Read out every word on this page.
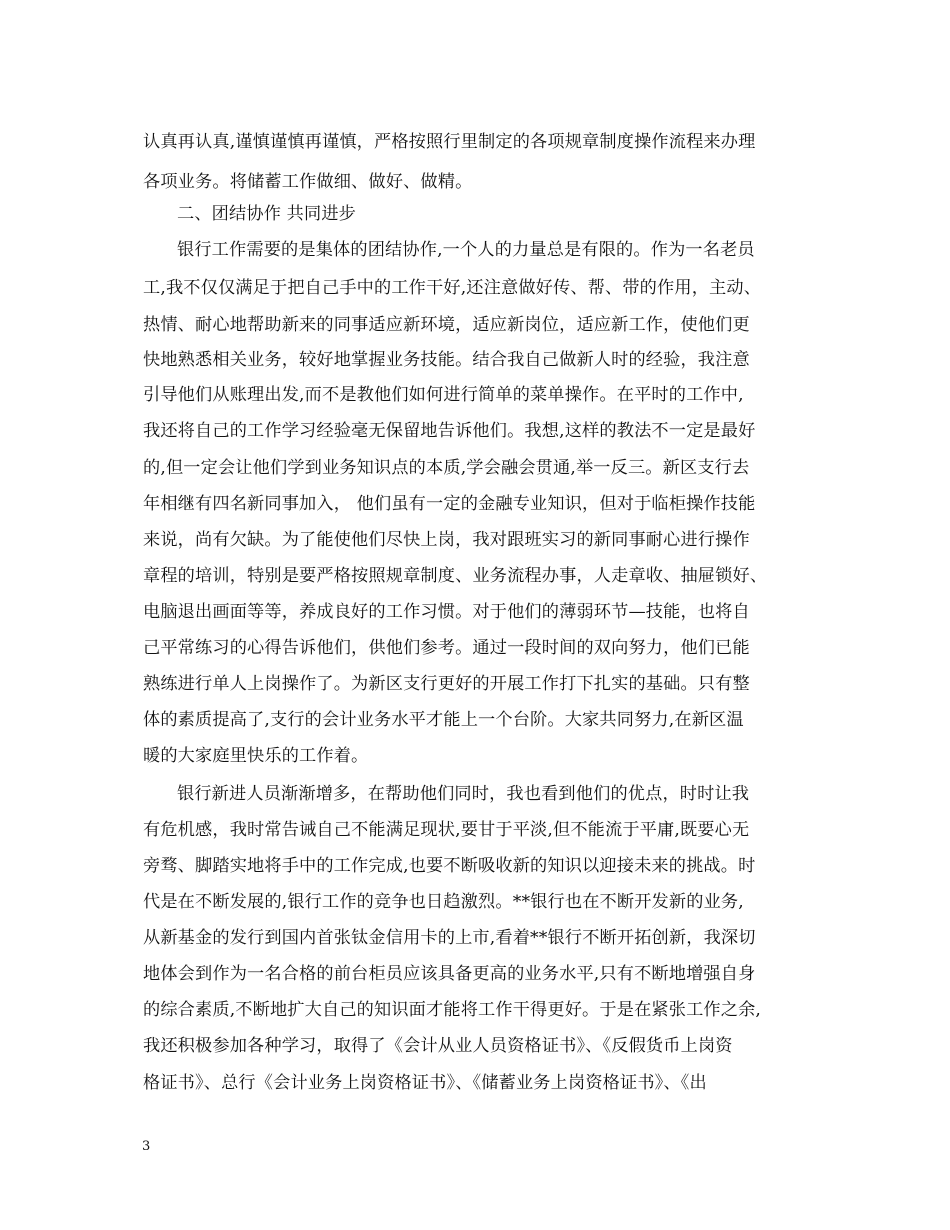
认真再认真,谨慎谨慎再谨慎，严格按照行里制定的各项规章制度操作流程来办理
各项业务。将储蓄工作做细、做好、做精。
二、团结协作 共同进步
银行工作需要的是集体的团结协作,一个人的力量总是有限的。作为一名老员
工,我不仅仅满足于把自己手中的工作干好,还注意做好传、帮、带的作用，主动、
热情、耐心地帮助新来的同事适应新环境，适应新岗位，适应新工作，使他们更
快地熟悉相关业务，较好地掌握业务技能。结合我自己做新人时的经验，我注意
引导他们从账理出发,而不是教他们如何进行简单的菜单操作。在平时的工作中,
我还将自己的工作学习经验毫无保留地告诉他们。我想,这样的教法不一定是最好
的,但一定会让他们学到业务知识点的本质,学会融会贯通,举一反三。新区支行去
年相继有四名新同事加入， 他们虽有一定的金融专业知识，但对于临柜操作技能
来说，尚有欠缺。为了能使他们尽快上岗，我对跟班实习的新同事耐心进行操作
章程的培训，特别是要严格按照规章制度、业务流程办事，人走章收、抽屉锁好、
电脑退出画面等等，养成良好的工作习惯。对于他们的薄弱环节—技能，也将自
己平常练习的心得告诉他们，供他们参考。通过一段时间的双向努力，他们已能
熟练进行单人上岗操作了。为新区支行更好的开展工作打下扎实的基础。只有整
体的素质提高了,支行的会计业务水平才能上一个台阶。大家共同努力,在新区温
暖的大家庭里快乐的工作着。
银行新进人员渐渐增多，在帮助他们同时，我也看到他们的优点，时时让我
有危机感，我时常告诫自己不能满足现状,要甘于平淡,但不能流于平庸,既要心无
旁骛、脚踏实地将手中的工作完成,也要不断吸收新的知识以迎接未来的挑战。时
代是在不断发展的,银行工作的竞争也日趋激烈。**银行也在不断开发新的业务,
从新基金的发行到国内首张钛金信用卡的上市,看着**银行不断开拓创新，我深切
地体会到作为一名合格的前台柜员应该具备更高的业务水平,只有不断地增强自身
的综合素质,不断地扩大自己的知识面才能将工作干得更好。于是在紧张工作之余,
我还积极参加各种学习，取得了《会计从业人员资格证书》、《反假货币上岗资
格证书》、总行《会计业务上岗资格证书》、《储蓄业务上岗资格证书》、《出
3
